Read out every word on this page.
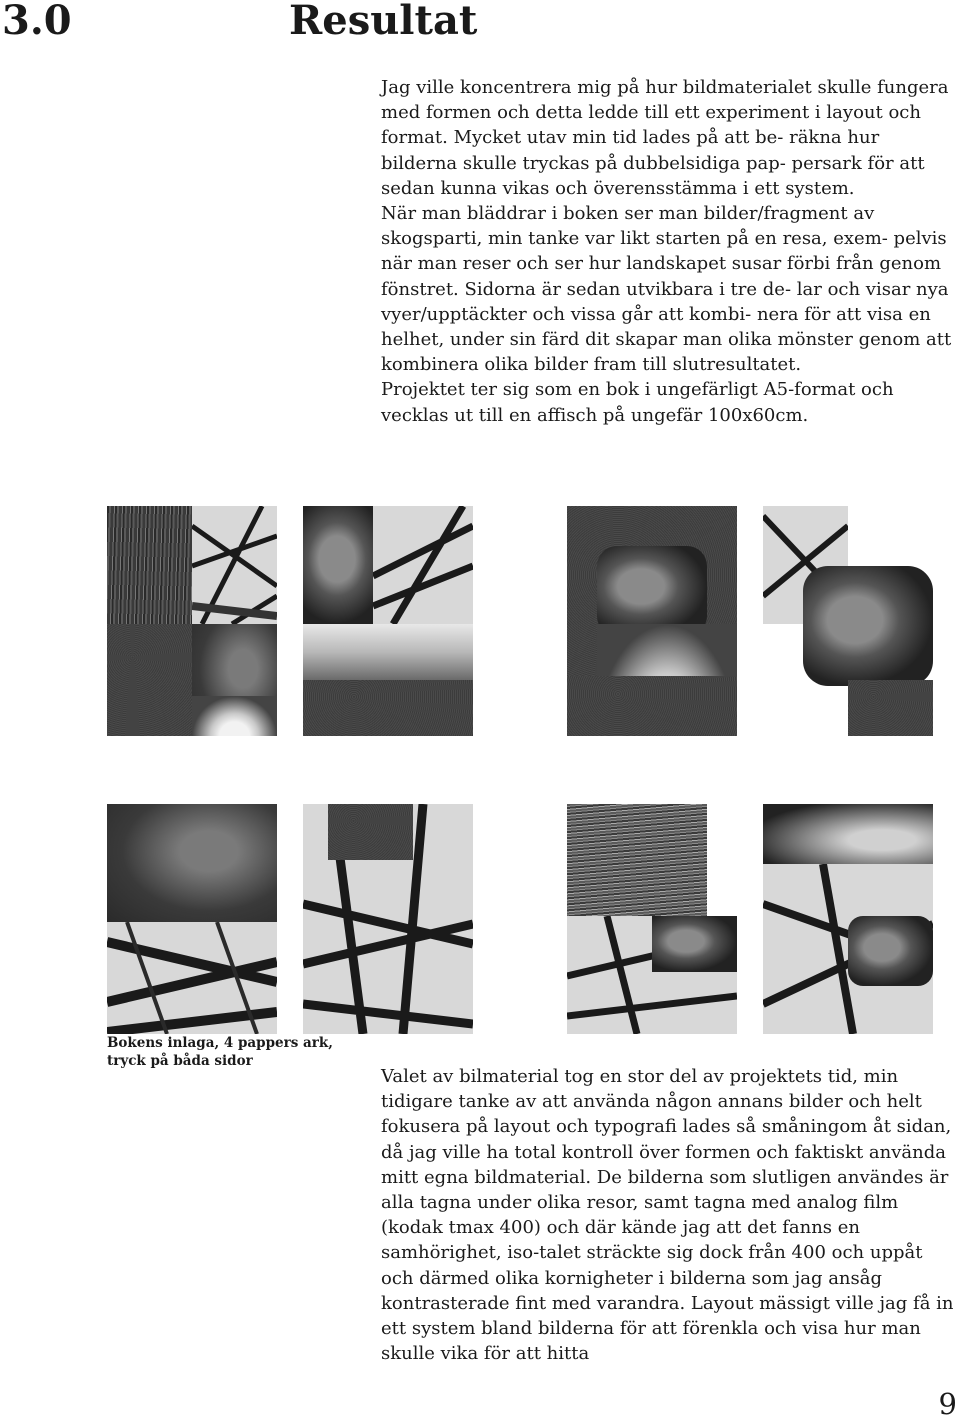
3.0	Resultat

Jag ville koncentrera mig på hur bildmaterialet skulle fungera med formen och detta ledde till ett experiment i layout och format. Mycket utav min tid lades på att be- räkna hur bilderna skulle tryckas på dubbelsidiga pap- persark för att sedan kunna vikas och överensstämma i ett system.

När man bläddrar i boken ser man bilder/fragment av skogsparti, min tanke var likt starten på en resa, exem- pelvis när man reser och ser hur landskapet susar förbi från genom fönstret. Sidorna är sedan utvikbara i tre de- lar och visar nya vyer/upptäckter och vissa går att kombi- nera för att visa en helhet, under sin färd dit skapar man olika mönster genom att kombinera olika bilder fram till slutresultatet.

Projektet ter sig som en bok i ungefärligt A5-format och vecklas ut till en affisch på ungefär 100x60cm.

Bokens inlaga, 4 pappers ark, tryck på båda sidor

Valet av bilmaterial tog en stor del av projektets tid, min tidigare tanke av att använda någon annans bilder och helt fokusera på layout och typografi lades så småningom åt sidan, då jag ville ha total kontroll över formen och faktiskt använda mitt egna bildmaterial. De bilderna som slutligen användes är alla tagna under olika resor, samt tagna med analog film (kodak tmax 400) och där kände jag att det fanns en samhörighet, iso-talet sträckte sig dock från 400 och uppåt och därmed olika kornigheter i bilderna som jag ansåg kontrasterade fint med varandra. Layout mässigt ville jag få in ett system bland bilderna för att förenkla och visa hur man skulle vika för att hitta

9
